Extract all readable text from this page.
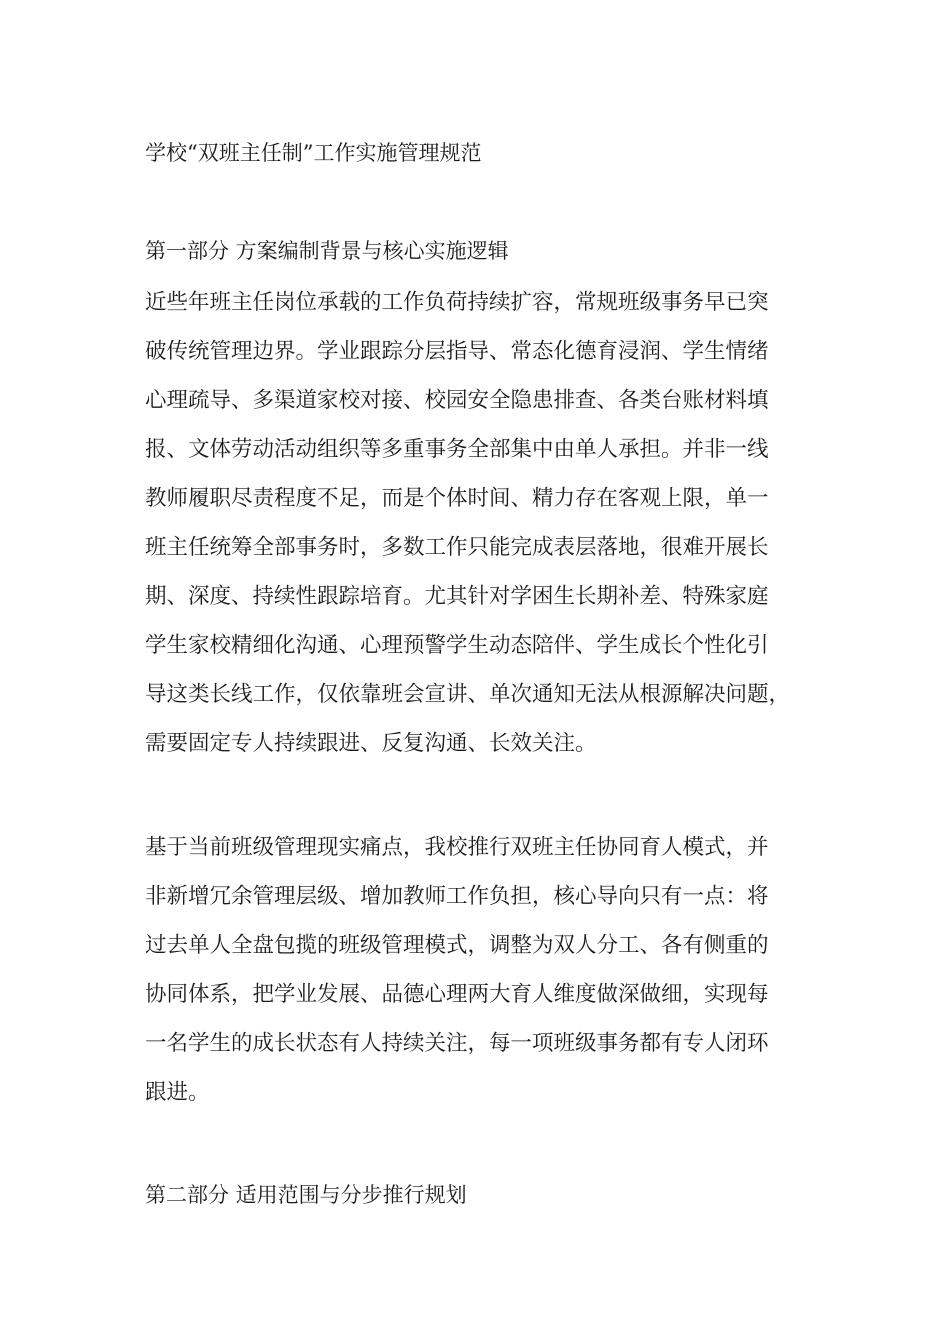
学校“双班主任制”工作实施管理规范
第一部分 方案编制背景与核心实施逻辑

近些年班主任岗位承载的工作负荷持续扩容，常规班级事务早已突
破传统管理边界。学业跟踪分层指导、常态化德育浸润、学生情绪
心理疏导、多渠道家校对接、校园安全隐患排查、各类台账材料填
报、文体劳动活动组织等多重事务全部集中由单人承担。并非一线
教师履职尽责程度不足，而是个体时间、精力存在客观上限，单一
班主任统筹全部事务时，多数工作只能完成表层落地，很难开展长
期、深度、持续性跟踪培育。尤其针对学困生长期补差、特殊家庭
学生家校精细化沟通、心理预警学生动态陪伴、学生成长个性化引
导这类长线工作，仅依靠班会宣讲、单次通知无法从根源解决问题，
需要固定专人持续跟进、反复沟通、长效关注。

基于当前班级管理现实痛点，我校推行双班主任协同育人模式，并
非新增冗余管理层级、增加教师工作负担，核心导向只有一点：将
过去单人全盘包揽的班级管理模式，调整为双人分工、各有侧重的
协同体系，把学业发展、品德心理两大育人维度做深做细，实现每
一名学生的成长状态有人持续关注，每一项班级事务都有专人闭环
跟进。

第二部分 适用范围与分步推行规划
